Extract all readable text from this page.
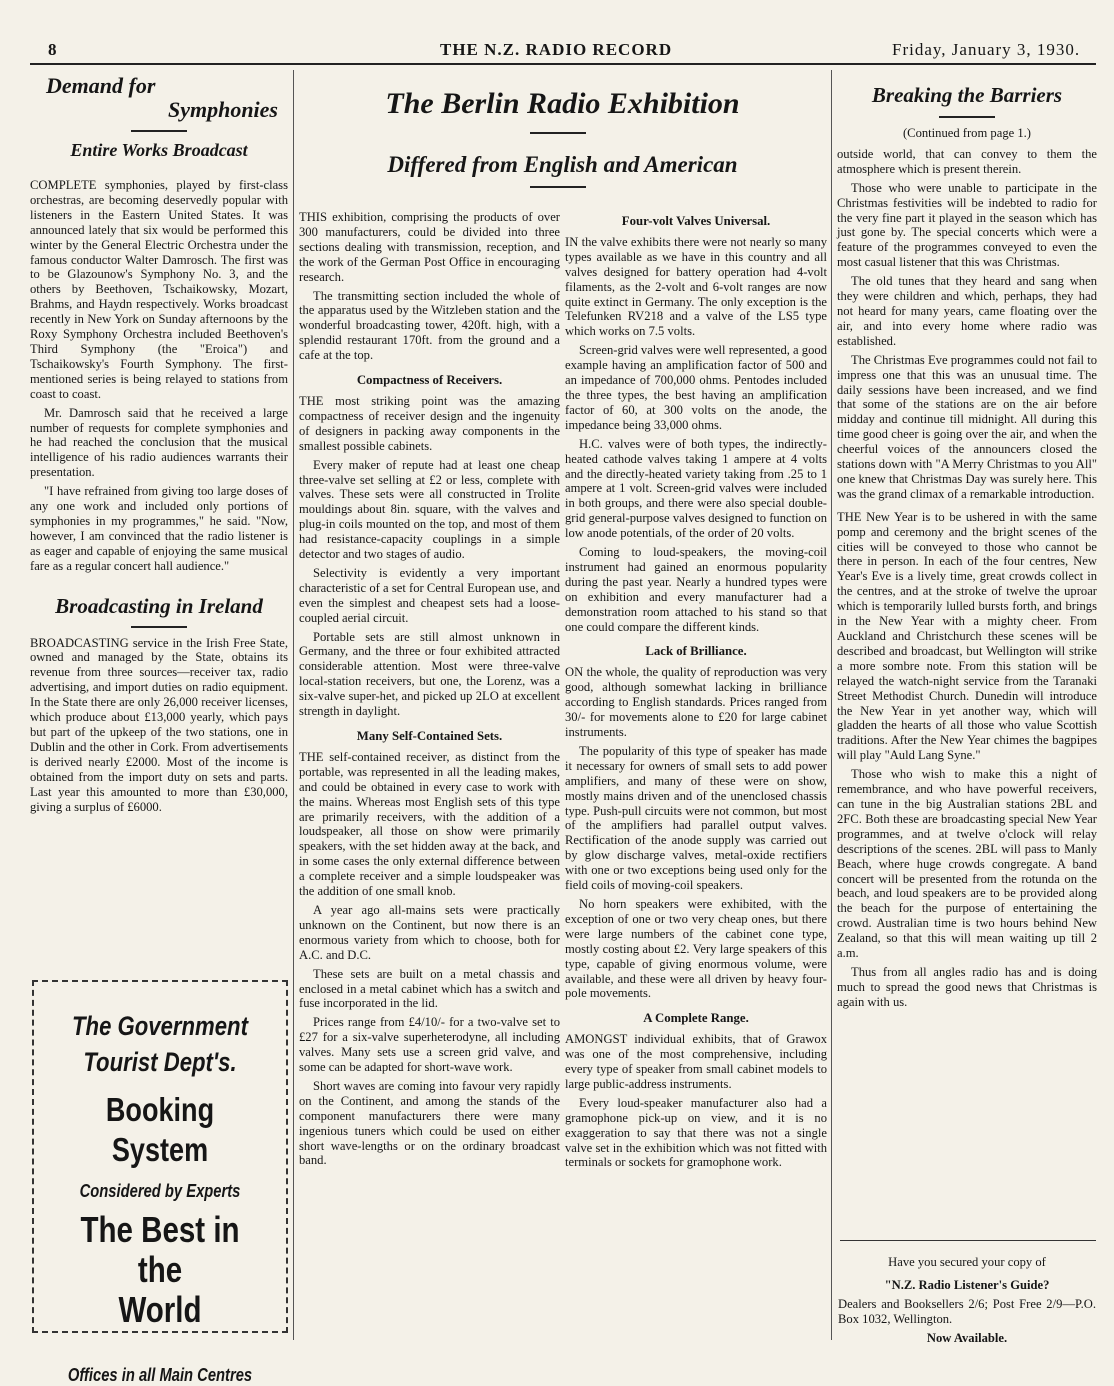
8	THE N.Z. RADIO RECORD	Friday, January 3, 1930.
Demand for
Symphonies
Entire Works Broadcast

COMPLETE symphonies, played by first-class orchestras, are becoming deservedly popular with listeners in the Eastern United States. It was announced lately that six would be performed this winter by the General Electric Orchestra under the famous conductor Walter Damrosch. The first was to be Glazounow's Symphony No. 3, and the others by Beethoven, Tschaikowsky, Mozart, Brahms, and Haydn respectively. Works broadcast recently in New York on Sunday afternoons by the Roxy Symphony Orchestra included Beethoven's Third Symphony (the "Eroica") and Tschaikowsky's Fourth Symphony. The first-mentioned series is being relayed to stations from coast to coast.

Mr. Damrosch said that he received a large number of requests for complete symphonies and he had reached the conclusion that the musical intelligence of his radio audiences warrants their presentation.

"I have refrained from giving too large doses of any one work and included only portions of symphonies in my programmes," he said. "Now, however, I am convinced that the radio listener is as eager and capable of enjoying the same musical fare as a regular concert hall audience."

Broadcasting in Ireland

BROADCASTING service in the Irish Free State, owned and managed by the State, obtains its revenue from three sources—receiver tax, radio advertising, and import duties on radio equipment. In the State there are only 26,000 receiver licenses, which produce about £13,000 yearly, which pays but part of the upkeep of the two stations, one in Dublin and the other in Cork. From advertisements is derived nearly £2000. Most of the income is obtained from the import duty on sets and parts. Last year this amounted to more than £30,000, giving a surplus of £6000.

The Government
Tourist Dept's.
Booking System
Considered by Experts
The Best in the
World
Offices in all Main Centres
The Berlin Radio Exhibition
Differed from English and American

THIS exhibition, comprising the products of over 300 manufacturers, could be divided into three sections dealing with transmission, reception, and the work of the German Post Office in encouraging research.

The transmitting section included the whole of the apparatus used by the Witzleben station and the wonderful broadcasting tower, 420ft. high, with a splendid restaurant 170ft. from the ground and a cafe at the top.

Compactness of Receivers.

THE most striking point was the amazing compactness of receiver design and the ingenuity of designers in packing away components in the smallest possible cabinets.

Every maker of repute had at least one cheap three-valve set selling at £2 or less, complete with valves. These sets were all constructed in Trolite mouldings about 8in. square, with the valves and plug-in coils mounted on the top, and most of them had resistance-capacity couplings in a simple detector and two stages of audio.

Selectivity is evidently a very important characteristic of a set for Central European use, and even the simplest and cheapest sets had a loose-coupled aerial circuit.

Portable sets are still almost unknown in Germany, and the three or four exhibited attracted considerable attention. Most were three-valve local-station receivers, but one, the Lorenz, was a six-valve super-het, and picked up 2LO at excellent strength in daylight.

Many Self-Contained Sets.

THE self-contained receiver, as distinct from the portable, was represented in all the leading makes, and could be obtained in every case to work with the mains. Whereas most English sets of this type are primarily receivers, with the addition of a loudspeaker, all those on show were primarily speakers, with the set hidden away at the back, and in some cases the only external difference between a complete receiver and a simple loudspeaker was the addition of one small knob.

A year ago all-mains sets were practically unknown on the Continent, but now there is an enormous variety from which to choose, both for A.C. and D.C.

These sets are built on a metal chassis and enclosed in a metal cabinet which has a switch and fuse incorporated in the lid.

Prices range from £4/10/- for a two-valve set to £27 for a six-valve superheterodyne, all including valves. Many sets use a screen grid valve, and some can be adapted for short-wave work.

Short waves are coming into favour very rapidly on the Continent, and among the stands of the component manufacturers there were many ingenious tuners which could be used on either short wave-lengths or on the ordinary broadcast band.

Four-volt Valves Universal.

IN the valve exhibits there were not nearly so many types available as we have in this country and all valves designed for battery operation had 4-volt filaments, as the 2-volt and 6-volt ranges are now quite extinct in Germany. The only exception is the Telefunken RV218 and a valve of the LS5 type which works on 7.5 volts.

Screen-grid valves were well represented, a good example having an amplification factor of 500 and an impedance of 700,000 ohms. Pentodes included the three types, the best having an amplification factor of 60, at 300 volts on the anode, the impedance being 33,000 ohms.

H.C. valves were of both types, the indirectly-heated cathode valves taking 1 ampere at 4 volts and the directly-heated variety taking from .25 to 1 ampere at 1 volt. Screen-grid valves were included in both groups, and there were also special double-grid general-purpose valves designed to function on low anode potentials, of the order of 20 volts.

Coming to loud-speakers, the moving-coil instrument had gained an enormous popularity during the past year. Nearly a hundred types were on exhibition and every manufacturer had a demonstration room attached to his stand so that one could compare the different kinds.

Lack of Brilliance.

ON the whole, the quality of reproduction was very good, although somewhat lacking in brilliance according to English standards. Prices ranged from 30/- for movements alone to £20 for large cabinet instruments.

The popularity of this type of speaker has made it necessary for owners of small sets to add power amplifiers, and many of these were on show, mostly mains driven and of the unenclosed chassis type. Push-pull circuits were not common, but most of the amplifiers had parallel output valves. Rectification of the anode supply was carried out by glow discharge valves, metal-oxide rectifiers with one or two exceptions being used only for the field coils of moving-coil speakers.

No horn speakers were exhibited, with the exception of one or two very cheap ones, but there were large numbers of the cabinet cone type, mostly costing about £2. Very large speakers of this type, capable of giving enormous volume, were available, and these were all driven by heavy four-pole movements.

A Complete Range.

AMONGST individual exhibits, that of Grawox was one of the most comprehensive, including every type of speaker from small cabinet models to large public-address instruments.

Every loud-speaker manufacturer also had a gramophone pick-up on view, and it is no exaggeration to say that there was not a single valve set in the exhibition which was not fitted with terminals or sockets for gramophone work.

Breaking the Barriers
(Continued from page 1.)

outside world, that can convey to them the atmosphere which is present therein.

Those who were unable to participate in the Christmas festivities will be indebted to radio for the very fine part it played in the season which has just gone by. The special concerts which were a feature of the programmes conveyed to even the most casual listener that this was Christmas.

The old tunes that they heard and sang when they were children and which, perhaps, they had not heard for many years, came floating over the air, and into every home where radio was established.

The Christmas Eve programmes could not fail to impress one that this was an unusual time. The daily sessions have been increased, and we find that some of the stations are on the air before midday and continue till midnight. All during this time good cheer is going over the air, and when the cheerful voices of the announcers closed the stations down with "A Merry Christmas to you All" one knew that Christmas Day was surely here. This was the grand climax of a remarkable introduction.

THE New Year is to be ushered in with the same pomp and ceremony and the bright scenes of the cities will be conveyed to those who cannot be there in person. In each of the four centres, New Year's Eve is a lively time, great crowds collect in the centres, and at the stroke of twelve the uproar which is temporarily lulled bursts forth, and brings in the New Year with a mighty cheer. From Auckland and Christchurch these scenes will be described and broadcast, but Wellington will strike a more sombre note. From this station will be relayed the watch-night service from the Taranaki Street Methodist Church. Dunedin will introduce the New Year in yet another way, which will gladden the hearts of all those who value Scottish traditions. After the New Year chimes the bagpipes will play "Auld Lang Syne."

Those who wish to make this a night of remembrance, and who have powerful receivers, can tune in the big Australian stations 2BL and 2FC. Both these are broadcasting special New Year programmes, and at twelve o'clock will relay descriptions of the scenes. 2BL will pass to Manly Beach, where huge crowds congregate. A band concert will be presented from the rotunda on the beach, and loud speakers are to be provided along the beach for the purpose of entertaining the crowd. Australian time is two hours behind New Zealand, so that this will mean waiting up till 2 a.m.

Thus from all angles radio has and is doing much to spread the good news that Christmas is again with us.

Have you secured your copy of
"N.Z. Radio Listener's Guide?
Dealers and Booksellers 2/6; Post Free 2/9—P.O. Box 1032, Wellington.
Now Available.
